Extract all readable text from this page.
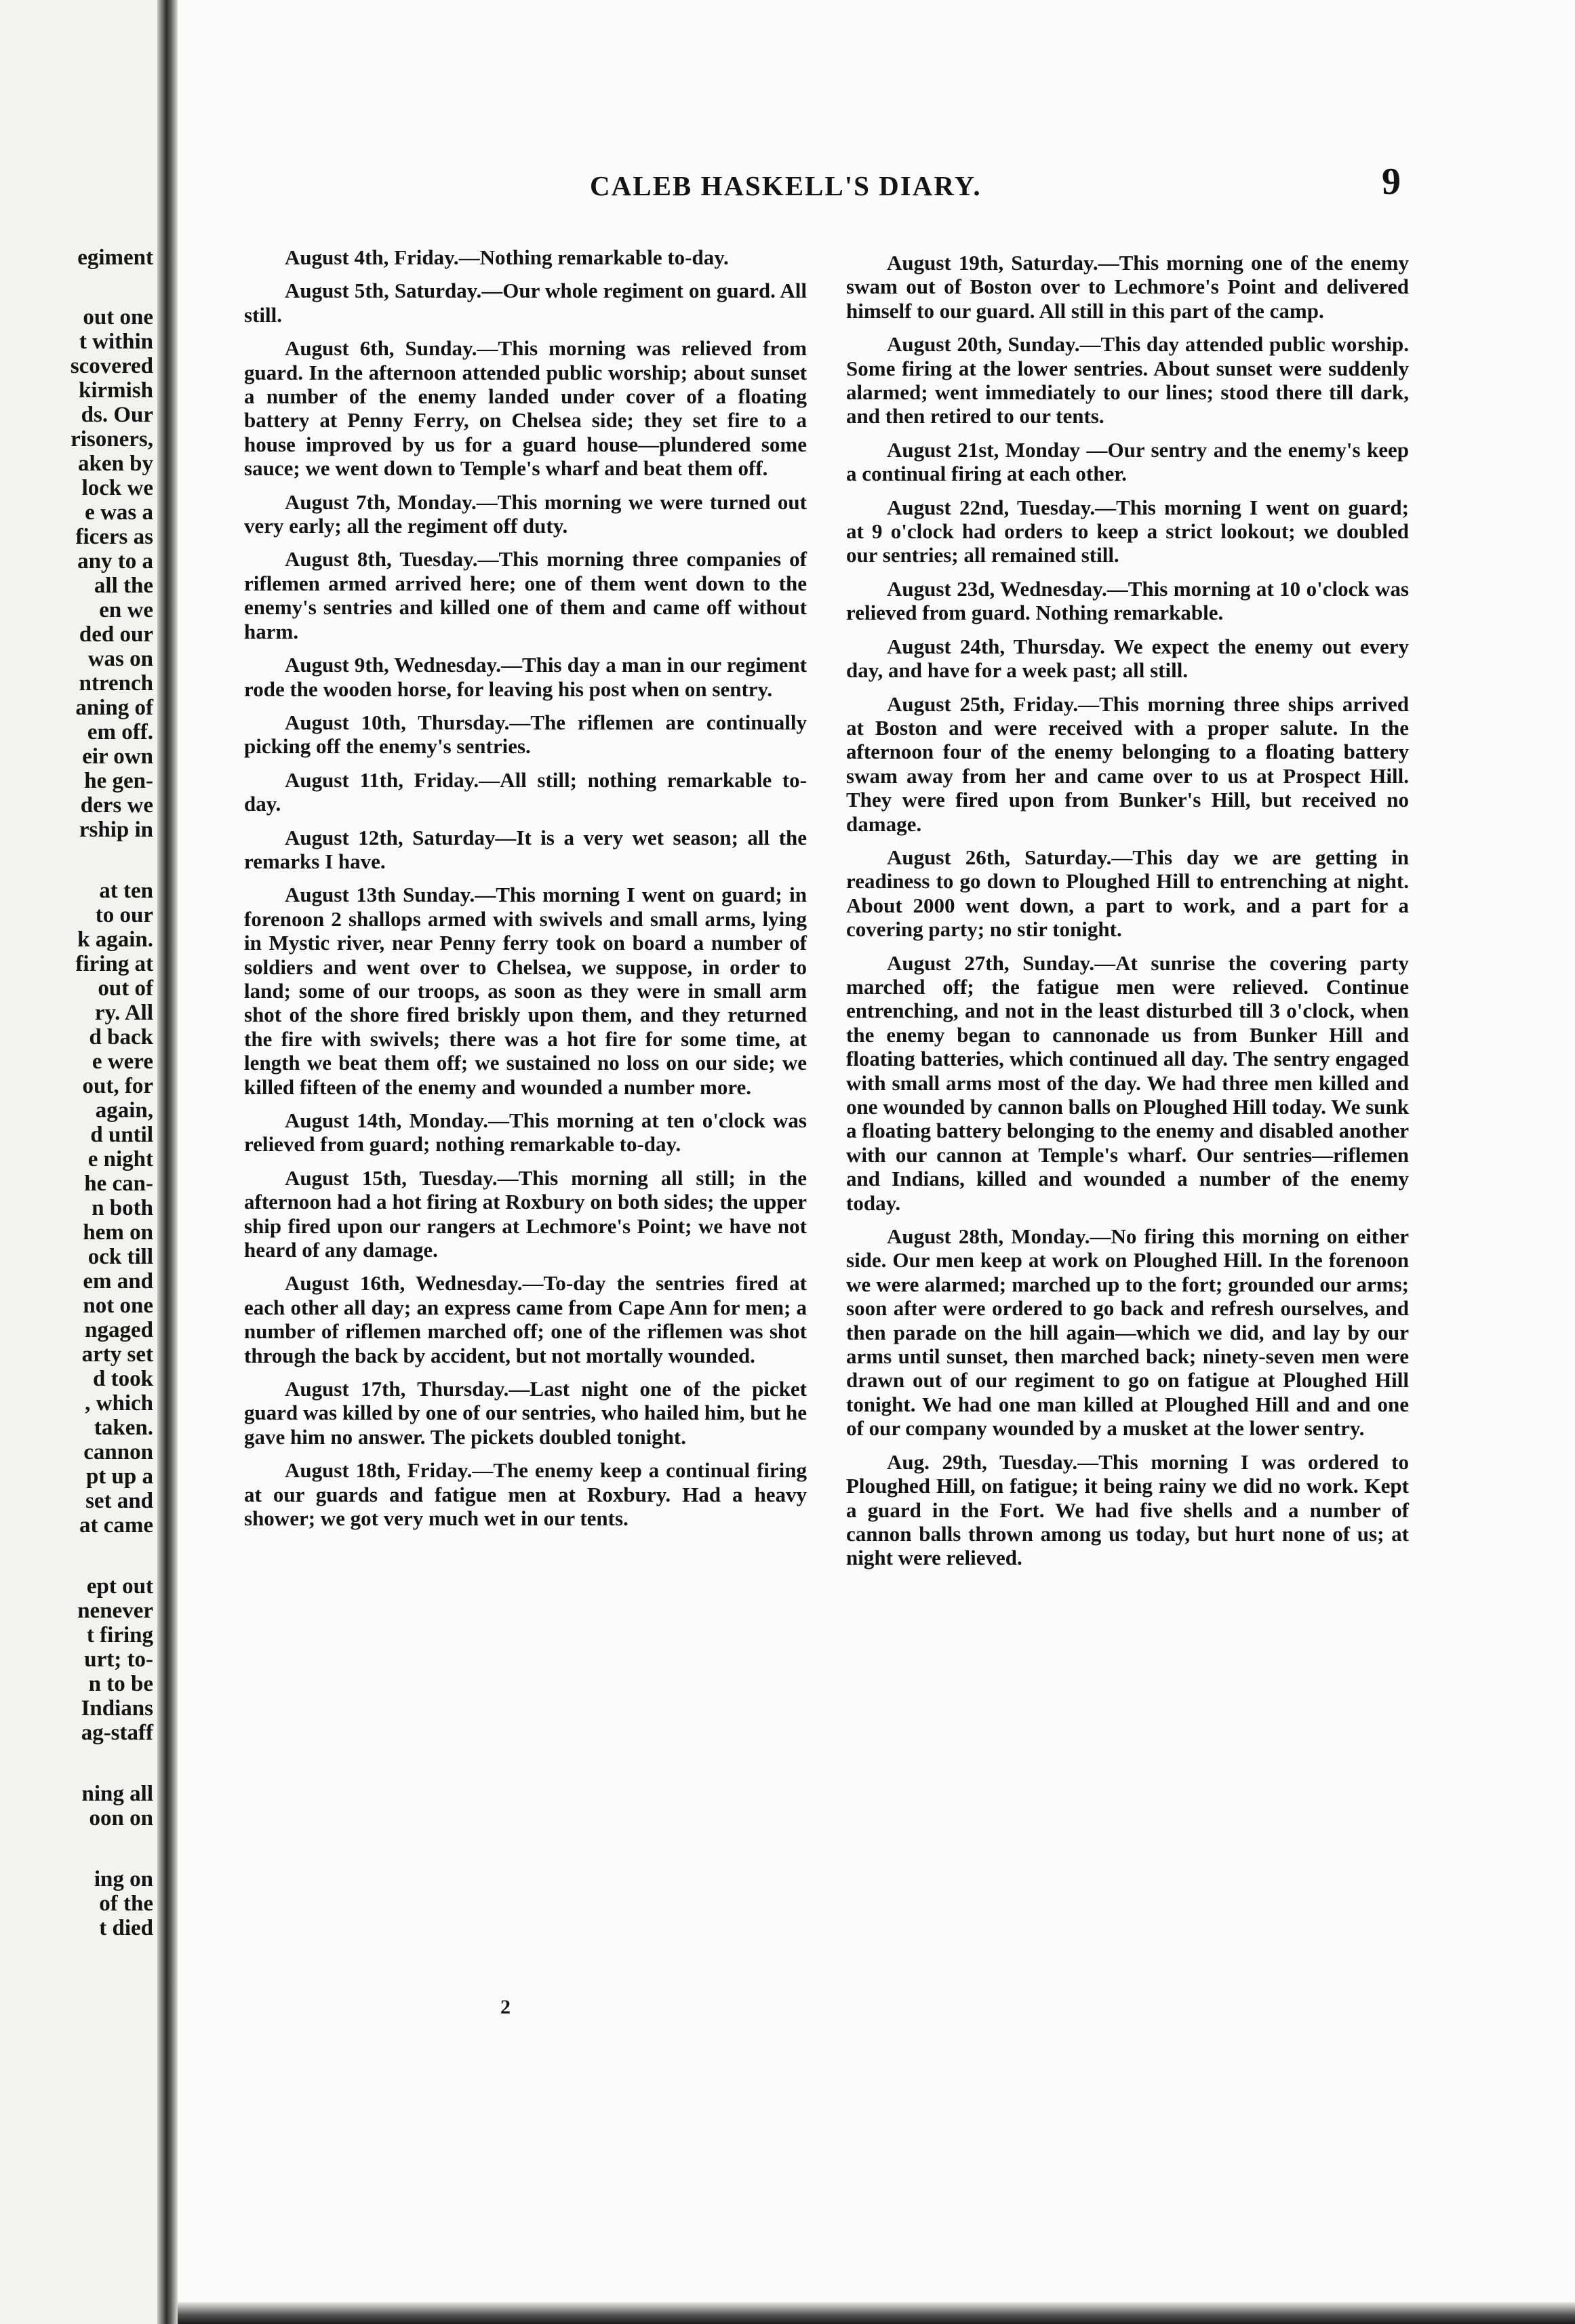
egiment
out one
t within
scovered
kirmish
ds. Our
risoners,
aken by
lock we
e was a
ficers as
any to a
all the
en we
ded our
was on
ntrench
aning of
em off.
eir own
he gen-
ders we
rship in
at ten
to our
k again.
firing at
out of
ry. All
d back
e were
out, for
again,
d until
e night
he can-
n both
hem on
ock till
em and
not one
ngaged
arty set
d took
, which
taken.
cannon
pt up a
set and
at came
ept out
nenever
t firing
urt; to-
n to be
Indians
ag-staff
ning all
oon on
ing on
of the
t died
CALEB HASKELL'S DIARY.	9

August 4th, Friday.—Nothing remarkable to-day.

August 5th, Saturday.—Our whole regiment on guard. All still.

August 6th, Sunday.—This morning was relieved from guard. In the afternoon attended public worship; about sunset a number of the enemy landed under cover of a floating battery at Penny Ferry, on Chelsea side; they set fire to a house improved by us for a guard house—plundered some sauce; we went down to Temple's wharf and beat them off.

August 7th, Monday.—This morning we were turned out very early; all the regiment off duty.

August 8th, Tuesday.—This morning three companies of riflemen armed arrived here; one of them went down to the enemy's sentries and killed one of them and came off without harm.

August 9th, Wednesday.—This day a man in our regiment rode the wooden horse, for leaving his post when on sentry.

August 10th, Thursday.—The riflemen are continually picking off the enemy's sentries.

August 11th, Friday.—All still; nothing remarkable to-day.

August 12th, Saturday—It is a very wet season; all the remarks I have.

August 13th Sunday.—This morning I went on guard; in forenoon 2 shallops armed with swivels and small arms, lying in Mystic river, near Penny ferry took on board a number of soldiers and went over to Chelsea, we suppose, in order to land; some of our troops, as soon as they were in small arm shot of the shore fired briskly upon them, and they returned the fire with swivels; there was a hot fire for some time, at length we beat them off; we sustained no loss on our side; we killed fifteen of the enemy and wounded a number more.

August 14th, Monday.—This morning at ten o'clock was relieved from guard; nothing remarkable to-day.

August 15th, Tuesday.—This morning all still; in the afternoon had a hot firing at Roxbury on both sides; the upper ship fired upon our rangers at Lechmore's Point; we have not heard of any damage.

August 16th, Wednesday.—To-day the sentries fired at each other all day; an express came from Cape Ann for men; a number of riflemen marched off; one of the riflemen was shot through the back by accident, but not mortally wounded.

August 17th, Thursday.—Last night one of the picket guard was killed by one of our sentries, who hailed him, but he gave him no answer. The pickets doubled tonight.

August 18th, Friday.—The enemy keep a continual firing at our guards and fatigue men at Roxbury. Had a heavy shower; we got very much wet in our tents.

August 19th, Saturday.—This morning one of the enemy swam out of Boston over to Lechmore's Point and delivered himself to our guard. All still in this part of the camp.

August 20th, Sunday.—This day attended public worship. Some firing at the lower sentries. About sunset were suddenly alarmed; went immediately to our lines; stood there till dark, and then retired to our tents.

August 21st, Monday —Our sentry and the enemy's keep a continual firing at each other.

August 22nd, Tuesday.—This morning I went on guard; at 9 o'clock had orders to keep a strict lookout; we doubled our sentries; all remained still.

August 23d, Wednesday.—This morning at 10 o'clock was relieved from guard. Nothing remarkable.

August 24th, Thursday. We expect the enemy out every day, and have for a week past; all still.

August 25th, Friday.—This morning three ships arrived at Boston and were received with a proper salute. In the afternoon four of the enemy belonging to a floating battery swam away from her and came over to us at Prospect Hill. They were fired upon from Bunker's Hill, but received no damage.

August 26th, Saturday.—This day we are getting in readiness to go down to Ploughed Hill to entrenching at night. About 2000 went down, a part to work, and a part for a covering party; no stir tonight.

August 27th, Sunday.—At sunrise the covering party marched off; the fatigue men were relieved. Continue entrenching, and not in the least disturbed till 3 o'clock, when the enemy began to cannonade us from Bunker Hill and floating batteries, which continued all day. The sentry engaged with small arms most of the day. We had three men killed and one wounded by cannon balls on Ploughed Hill today. We sunk a floating battery belonging to the enemy and disabled another with our cannon at Temple's wharf. Our sentries—riflemen and Indians, killed and wounded a number of the enemy today.

August 28th, Monday.—No firing this morning on either side. Our men keep at work on Ploughed Hill. In the forenoon we were alarmed; marched up to the fort; grounded our arms; soon after were ordered to go back and refresh ourselves, and then parade on the hill again—which we did, and lay by our arms until sunset, then marched back; ninety-seven men were drawn out of our regiment to go on fatigue at Ploughed Hill tonight. We had one man killed at Ploughed Hill and and one of our company wounded by a musket at the lower sentry.

Aug. 29th, Tuesday.—This morning I was ordered to Ploughed Hill, on fatigue; it being rainy we did no work. Kept a guard in the Fort. We had five shells and a number of cannon balls thrown among us today, but hurt none of us; at night were relieved.

2
